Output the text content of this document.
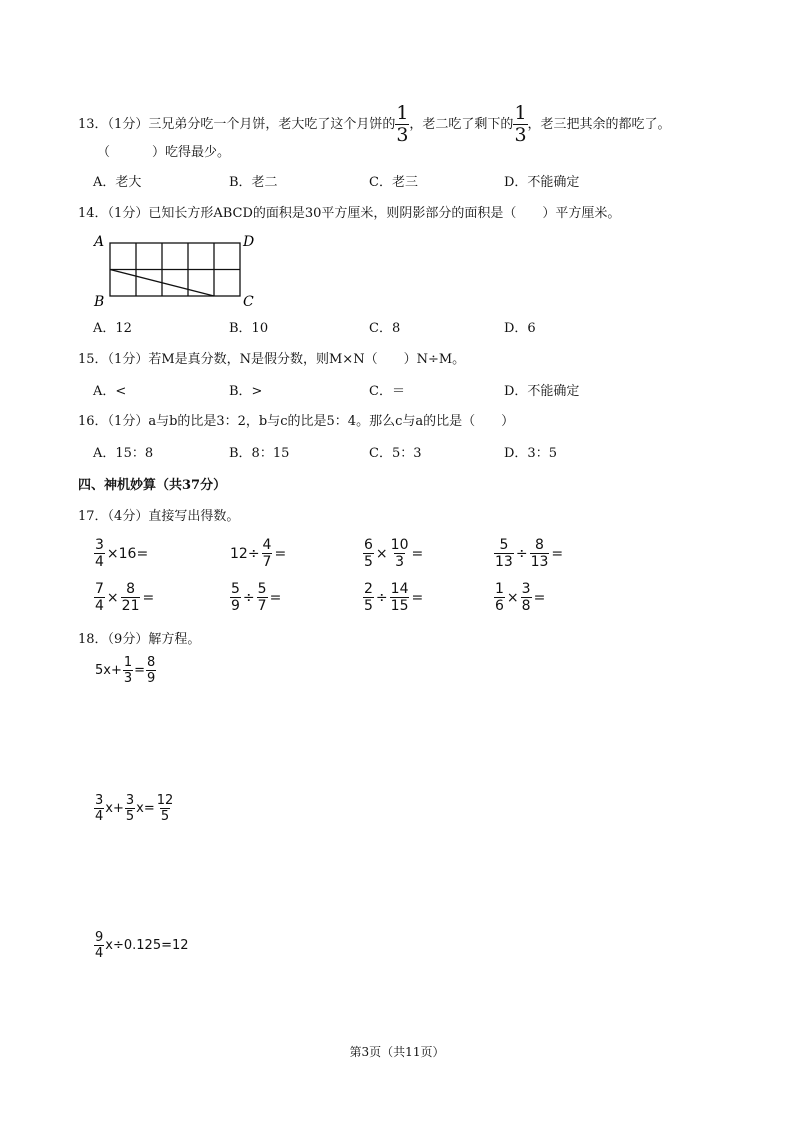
13．（1分）三兄弟分吃一个月饼，老大吃了这个月饼的 $\frac{1}{3}$ ，老二吃了剩下的 $\frac{1}{3}$ ，老三把其余的都吃了。
（	）吃得最少。
A．老大	B．老二	C．老三	D．不能确定
14．（1分）已知长方形ABCD的面积是30平方厘米，则阴影部分的面积是（　　）平方厘米。
A	D
B	C
A．12	B．10	C．8	D．6
15．（1分）若M是真分数，N是假分数，则M×N（　　）N÷M。
A．<	B．>	C．＝	D．不能确定
16．（1分）a与b的比是3：2，b与c的比是5：4。那么c与a的比是（　　）
A．15：8	B．8：15	C．5：3	D．3：5
四、神机妙算（共37分）
17．（4分）直接写出得数。
$\frac{3}{4} \times 16=$	$12\div \frac{4}{7}$ =	$\frac{6}{5} \times \frac{10}{3}$ =	$\frac{5}{13} \div \frac{8}{13}$ =
$\frac{7}{4} \times \frac{8}{21}$ =	$\frac{5}{9} \div \frac{5}{7}$ =	$\frac{2}{5} \div \frac{14}{15}$ =	$\frac{1}{6} \times \frac{3}{8}$ =
18．（9分）解方程。
$5x+ \frac{1}{3} = \frac{8}{9}$
$\frac{3}{4} x+ \frac{3}{5} x= \frac{12}{5}$
$\frac{9}{4} x\div 0.125=12$
第3页（共11页）
